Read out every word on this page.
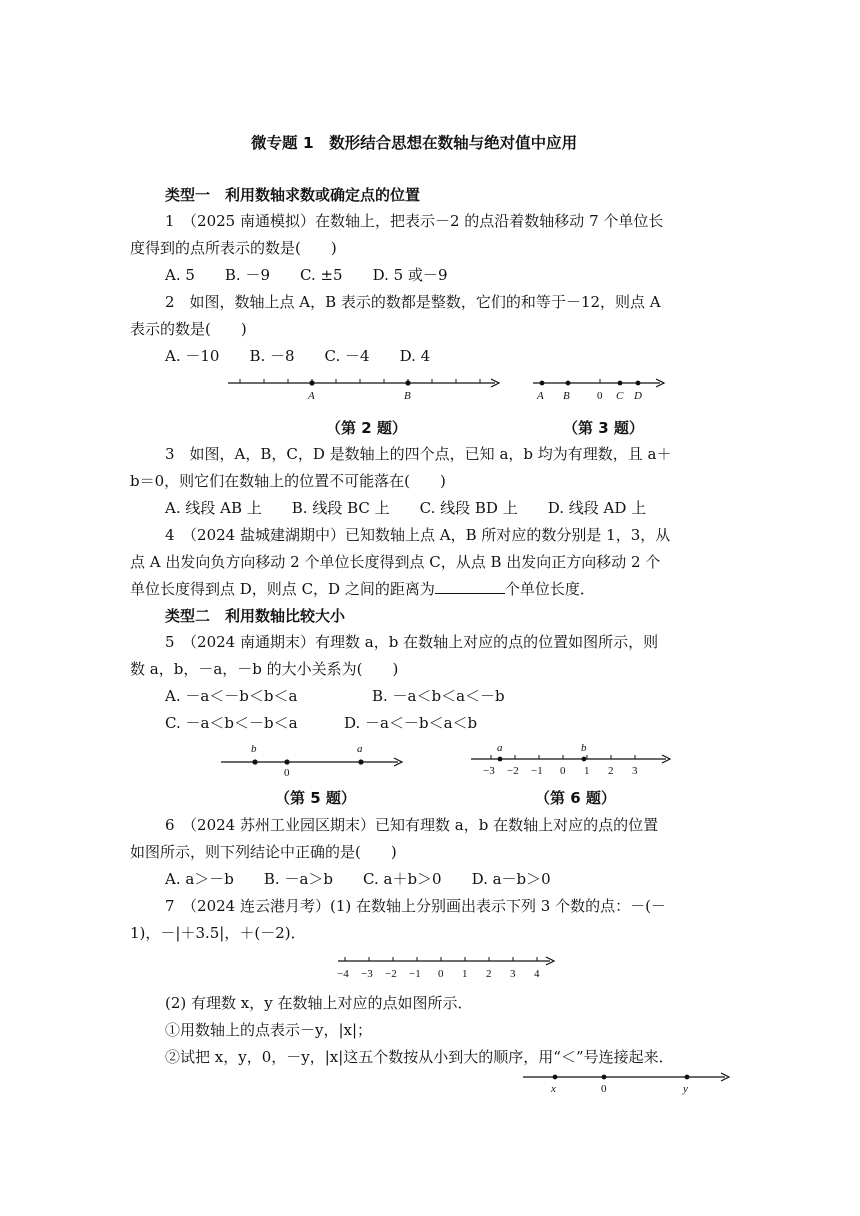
微专题 1　数形结合思想在数轴与绝对值中应用
类型一　利用数轴求数或确定点的位置
1　（2025 南通模拟）在数轴上，把表示－2 的点沿着数轴移动 7 个单位长
度得到的点所表示的数是(　　)
A. 5　　B. －9　　C. ±5　　D. 5 或－9
2　如图，数轴上点 A，B 表示的数都是整数，它们的和等于－12，则点 A
表示的数是(　　)
A. －10　　B. －8　　C. －4　　D. 4
A	B	A B 0 C D
（第 2 题）	（第 3 题）
3　如图，A，B，C，D 是数轴上的四个点，已知 a，b 均为有理数，且 a＋
b＝0，则它们在数轴上的位置不可能落在(　　)
A. 线段 AB 上　　B. 线段 BC 上　　C. 线段 BD 上　　D. 线段 AD 上
4　（2024 盐城建湖期中）已知数轴上点 A，B 所对应的数分别是 1，3，从
点 A 出发向负方向移动 2 个单位长度得到点 C，从点 B 出发向正方向移动 2 个
单位长度得到点 D，则点 C，D 之间的距离为	个单位长度．
类型二　利用数轴比较大小
5　（2024 南通期末）有理数 a，b 在数轴上对应的点的位置如图所示，则
数 a，b，－a，－b 的大小关系为(　　)
A. －a＜－b＜b＜a	B. －a＜b＜a＜－b
C. －a＜b＜－b＜a	D. －a＜－b＜a＜b
b
0
a	a	b
−3 −2 −1 0 1 2 3
（第 5 题）	（第 6 题）
6　（2024 苏州工业园区期末）已知有理数 a，b 在数轴上对应的点的位置
如图所示，则下列结论中正确的是(　　)
A. a＞－b　　B. －a＞b　　C. a＋b＞0　　D. a－b＞0
7　（2024 连云港月考）(1) 在数轴上分别画出表示下列 3 个数的点：－(－
1)，－|＋3.5|，＋(－2)．
−4 −3 −2 −1 0 1 2 3 4
(2) 有理数 x，y 在数轴上对应的点如图所示．
①用数轴上的点表示－y，|x|；
②试把 x，y，0，－y，|x|这五个数按从小到大的顺序，用“＜”号连接起来．
x	0	y
